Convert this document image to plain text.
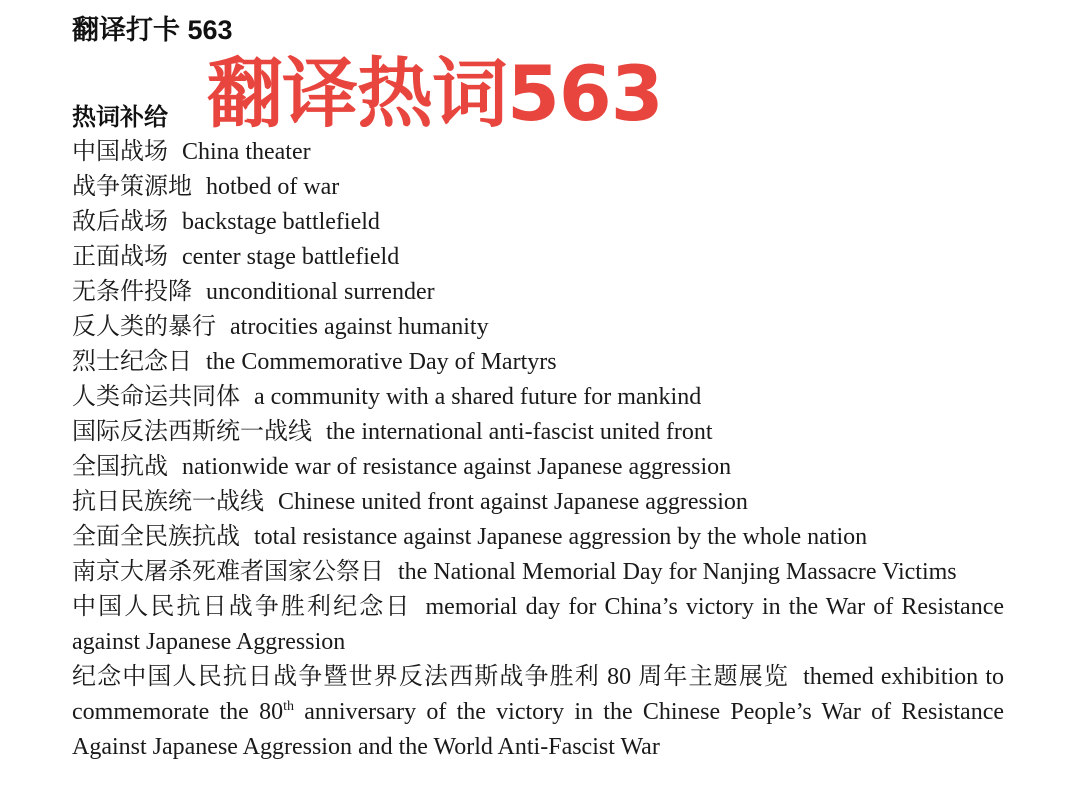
翻译打卡 563
翻译热词563
热词补给
中国战场 China theater
战争策源地 hotbed of war
敌后战场 backstage battlefield
正面战场 center stage battlefield
无条件投降 unconditional surrender
反人类的暴行 atrocities against humanity
烈士纪念日 the Commemorative Day of Martyrs
人类命运共同体 a community with a shared future for mankind
国际反法西斯统一战线 the international anti-fascist united front
全国抗战 nationwide war of resistance against Japanese aggression
抗日民族统一战线 Chinese united front against Japanese aggression
全面全民族抗战 total resistance against Japanese aggression by the whole nation
南京大屠杀死难者国家公祭日 the National Memorial Day for Nanjing Massacre Victims
中国人民抗日战争胜利纪念日 memorial day for China’s victory in the War of Resistance against Japanese Aggression
纪念中国人民抗日战争暨世界反法西斯战争胜利 80 周年主题展览 themed exhibition to commemorate the 80th anniversary of the victory in the Chinese People’s War of Resistance Against Japanese Aggression and the World Anti-Fascist War
